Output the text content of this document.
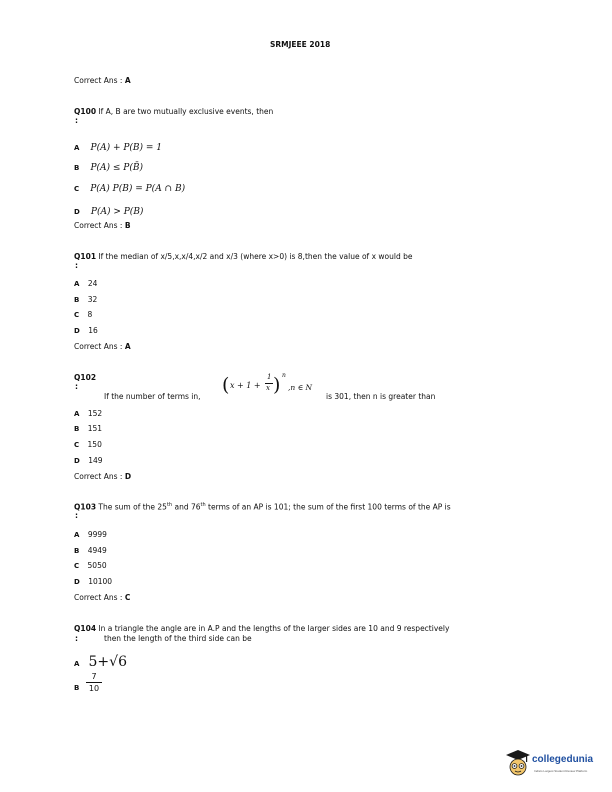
SRMJEEE 2018
Correct Ans : A
Q100 If A, B are two mutually exclusive events, then
:
A P(A) + P(B) = 1
B P(A) ≤ P(B̄)
C P(A) P(B) = P(A ∩ B)
D P(A) > P(B)
Correct Ans : B
Q101 If the median of x/5,x,x/4,x/2 and x/3 (where x>0) is 8,then the value of x would be
:
A 24
B 32
C 8
D 16
Correct Ans : A
Q102
:
If the number of terms in,
( x + 1 +
1
x ) n
,n ∈ N
is 301, then n is greater than
A 152
B 151
C 150
D 149
Correct Ans : D
Q103 The sum of the 25th and 76th terms of an AP is 101; the sum of the first 100 terms of the AP is
:
A 9999
B 4949
C 5050
D 10100
Correct Ans : C
Q104 In a triangle the angle are in A.P and the lengths of the larger sides are 10 and 9 respectively
:	then the length of the third side can be
A 5+√6
B
7
10
collegedunia
India's Largest Student Review Platform
